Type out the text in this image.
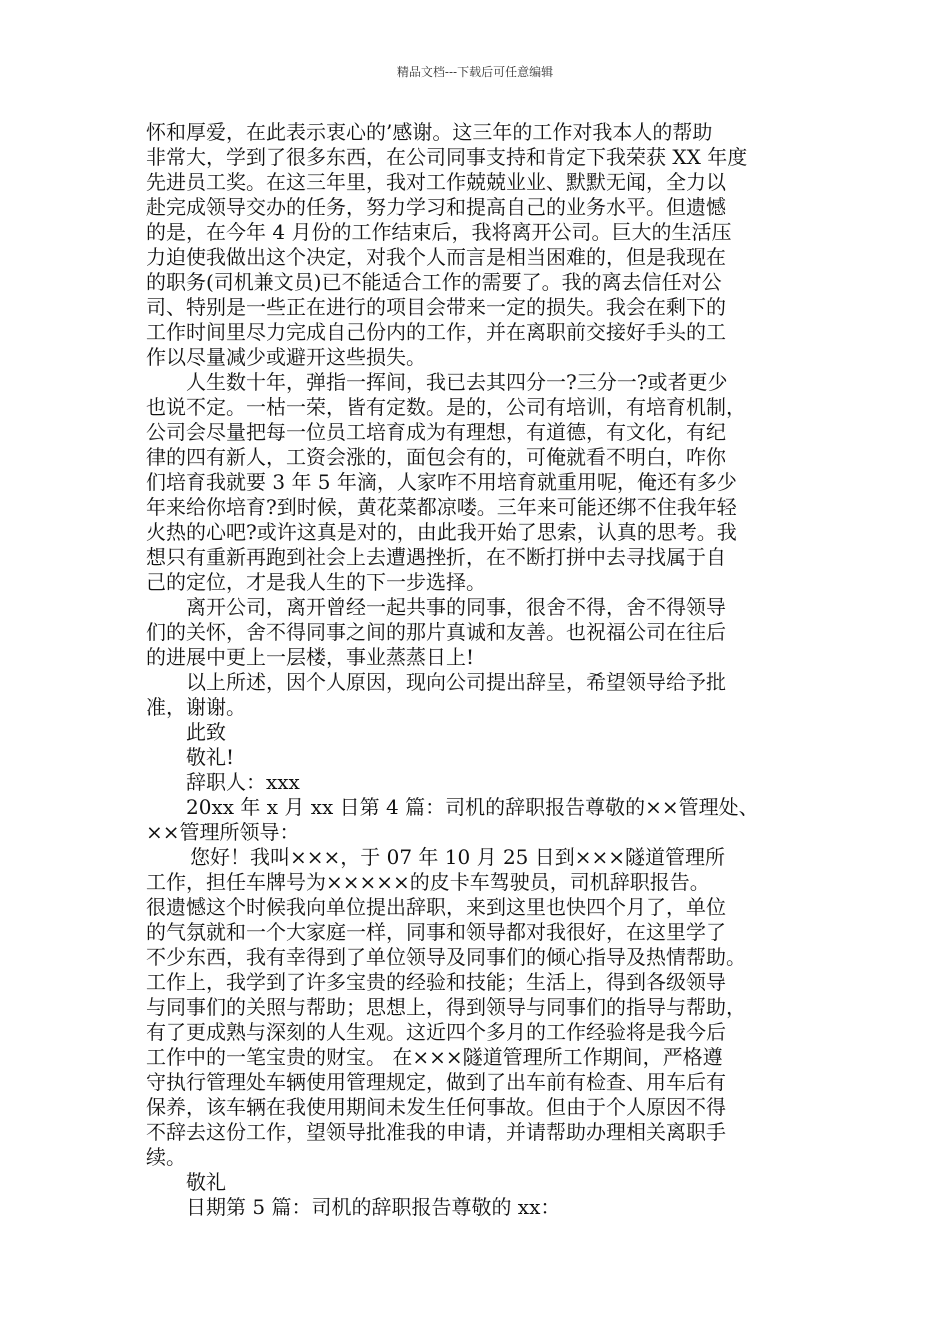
精品文档---下载后可任意编辑
怀和厚爱，在此表示衷心的’感谢。这三年的工作对我本人的帮助
非常大，学到了很多东西，在公司同事支持和肯定下我荣获 XX 年度
先进员工奖。在这三年里，我对工作兢兢业业、默默无闻，全力以
赴完成领导交办的任务，努力学习和提高自己的业务水平。但遗憾
的是，在今年 4 月份的工作结束后，我将离开公司。巨大的生活压
力迫使我做出这个决定，对我个人而言是相当困难的，但是我现在
的职务(司机兼文员)已不能适合工作的需要了。我的离去信任对公
司、特别是一些正在进行的项目会带来一定的损失。我会在剩下的
工作时间里尽力完成自己份内的工作，并在离职前交接好手头的工
作以尽量减少或避开这些损失。
人生数十年，弹指一挥间，我已去其四分一?三分一?或者更少
也说不定。一枯一荣，皆有定数。是的，公司有培训，有培育机制，
公司会尽量把每一位员工培育成为有理想，有道德，有文化，有纪
律的四有新人，工资会涨的，面包会有的，可俺就看不明白，咋你
们培育我就要 3 年 5 年滴，人家咋不用培育就重用呢，俺还有多少
年来给你培育?到时候，黄花菜都凉喽。三年来可能还绑不住我年轻
火热的心吧?或许这真是对的，由此我开始了思索，认真的思考。我
想只有重新再跑到社会上去遭遇挫折，在不断打拼中去寻找属于自
己的定位，才是我人生的下一步选择。
离开公司，离开曾经一起共事的同事，很舍不得，舍不得领导
们的关怀，舍不得同事之间的那片真诚和友善。也祝福公司在往后
的进展中更上一层楼，事业蒸蒸日上!
以上所述，因个人原因，现向公司提出辞呈，希望领导给予批
准，谢谢。
此致
敬礼!
辞职人：xxx
20xx 年 x 月 xx 日第 4 篇：司机的辞职报告尊敬的××管理处、
××管理所领导：
您好！我叫×××，于 07 年 10 月 25 日到×××隧道管理所
工作，担任车牌号为×××××的皮卡车驾驶员，司机辞职报告。
很遗憾这个时候我向单位提出辞职，来到这里也快四个月了，单位
的气氛就和一个大家庭一样，同事和领导都对我很好，在这里学了
不少东西，我有幸得到了单位领导及同事们的倾心指导及热情帮助。
工作上，我学到了许多宝贵的经验和技能；生活上，得到各级领导
与同事们的关照与帮助；思想上，得到领导与同事们的指导与帮助，
有了更成熟与深刻的人生观。这近四个多月的工作经验将是我今后
工作中的一笔宝贵的财宝。 在×××隧道管理所工作期间，严格遵
守执行管理处车辆使用管理规定，做到了出车前有检查、用车后有
保养，该车辆在我使用期间未发生任何事故。但由于个人原因不得
不辞去这份工作，望领导批准我的申请，并请帮助办理相关离职手
续。
敬礼
日期第 5 篇：司机的辞职报告尊敬的 xx：
